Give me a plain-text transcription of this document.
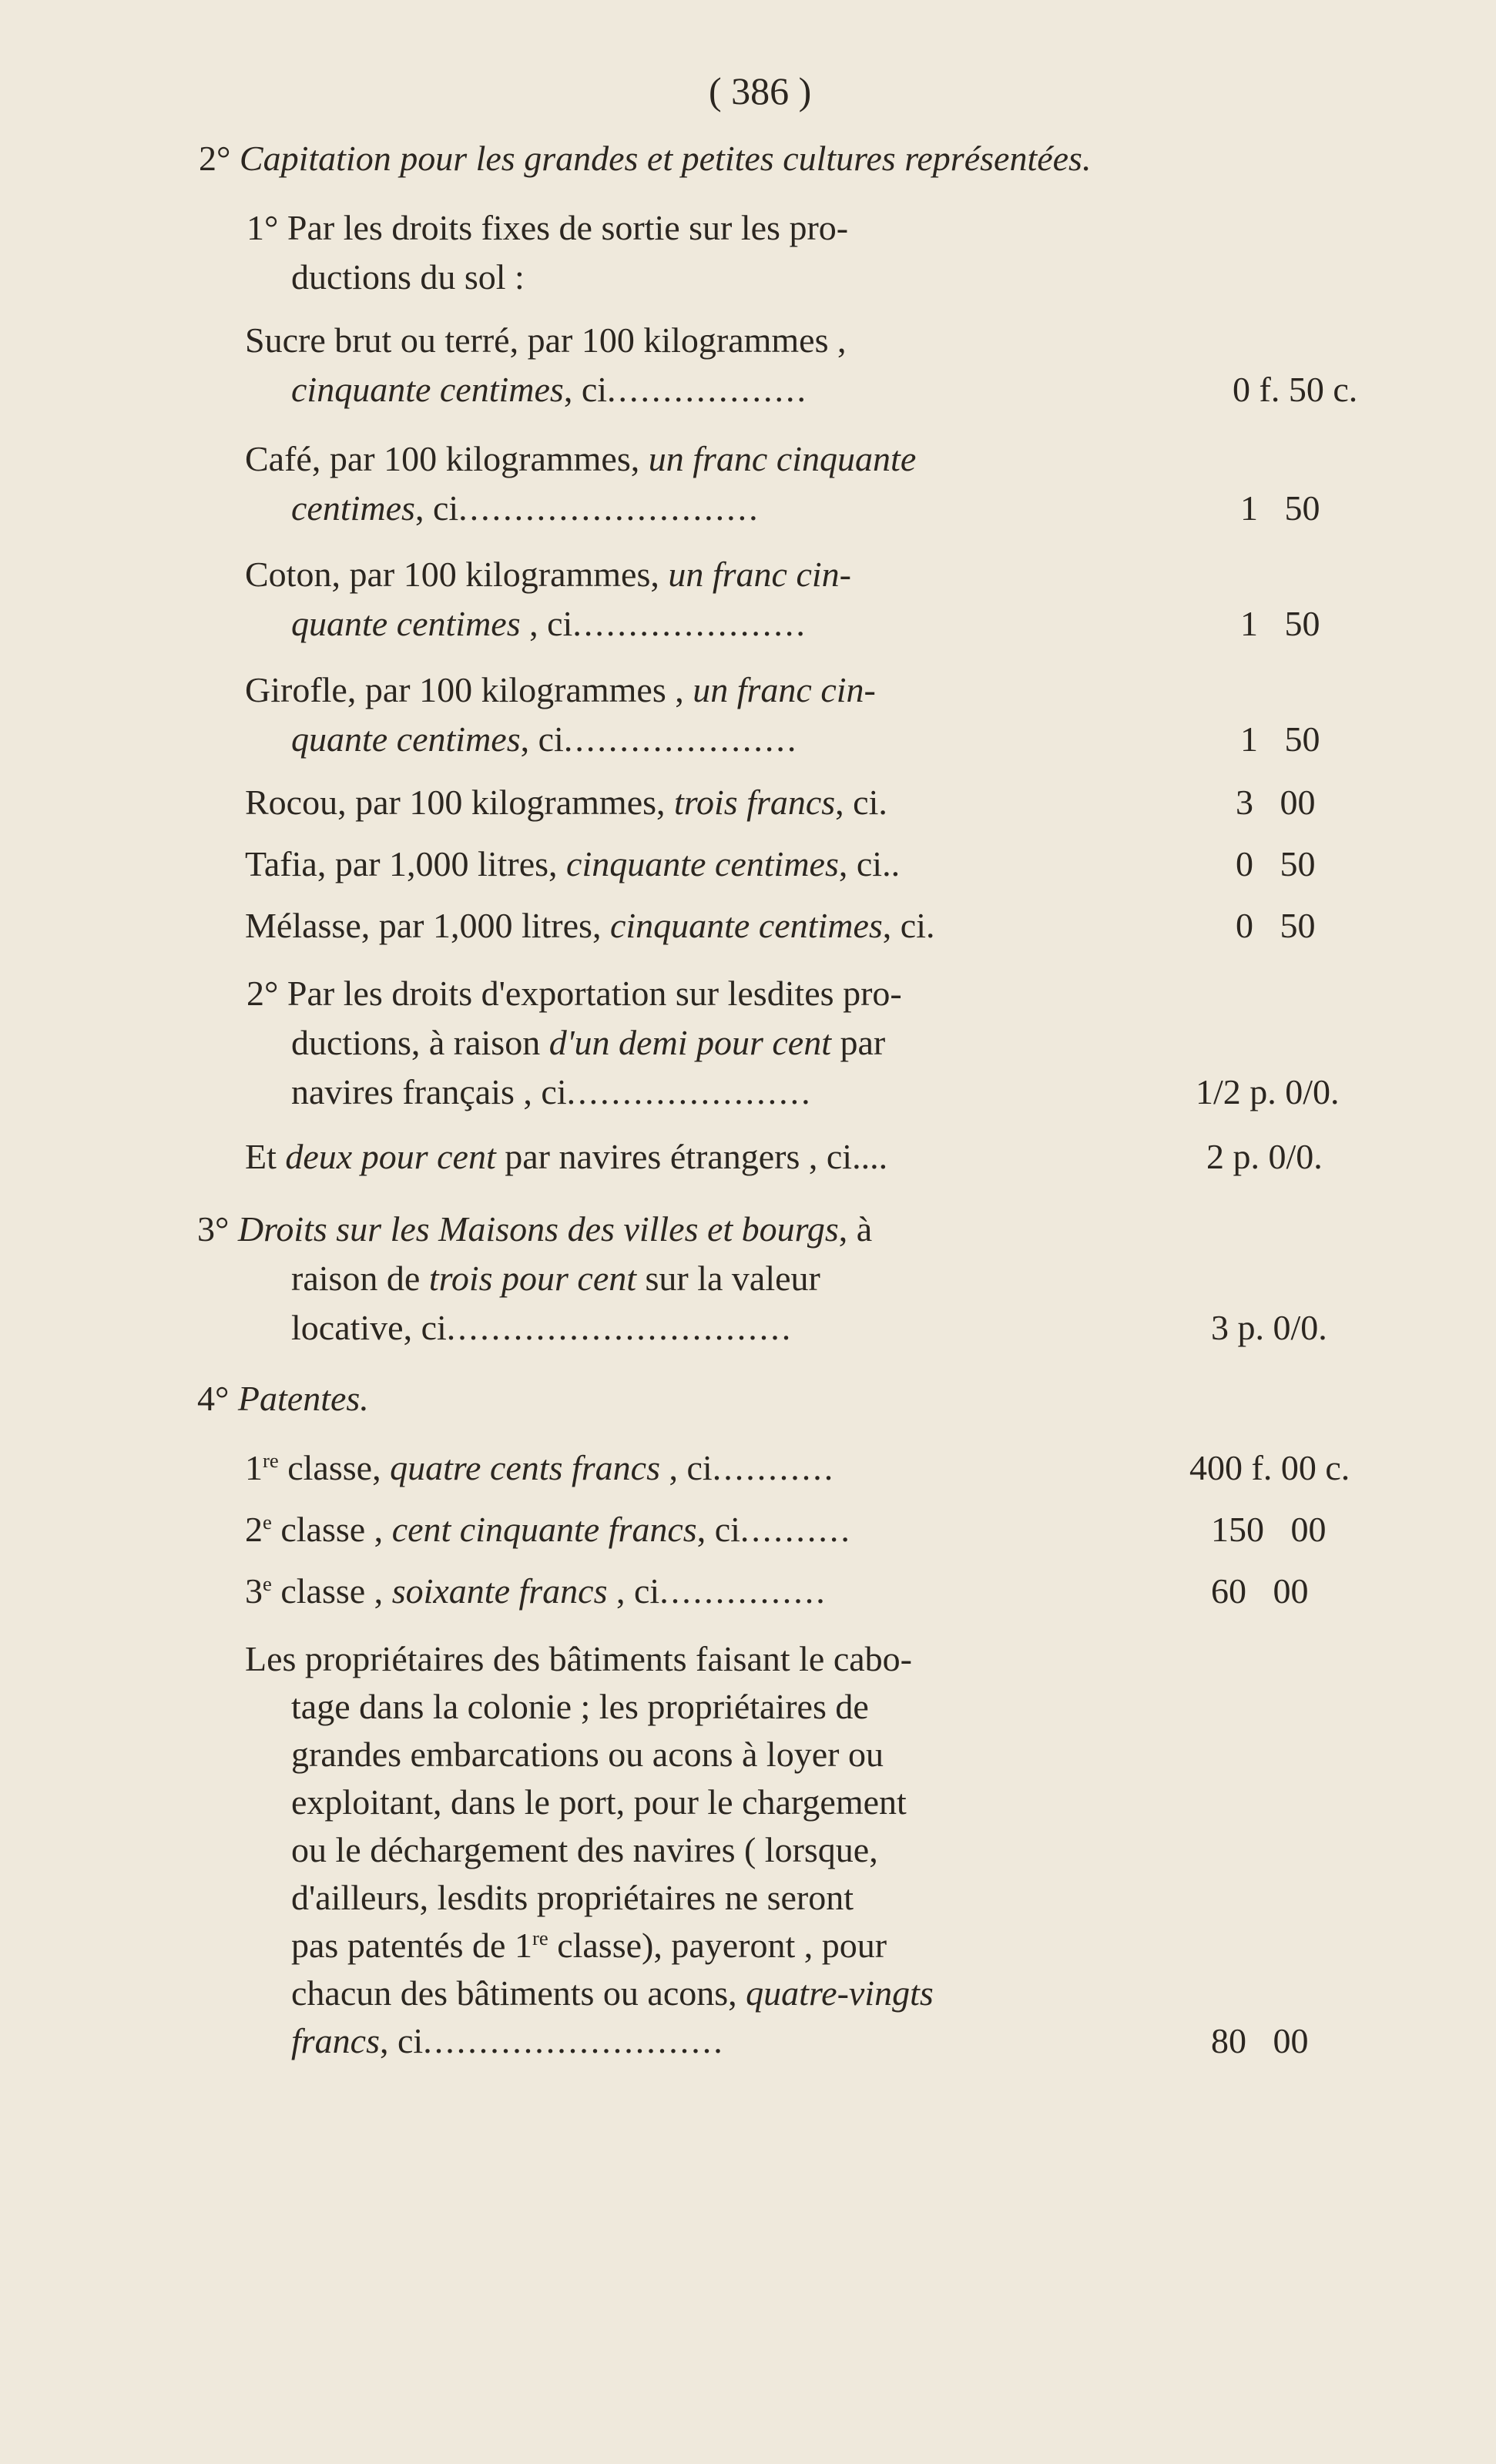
( 386 )
2° Capitation pour les grandes et petites cultures représentées.
1° Par les droits fixes de sortie sur les pro-
ductions du sol :
Sucre brut ou terré, par 100 kilogrammes ,
cinquante centimes, ci..................	0 f. 50 c.
Café, par 100 kilogrammes, un franc cinquante
centimes, ci...........................	1   50
Coton, par 100 kilogrammes, un franc cin-
quante centimes , ci.....................	1   50
Girofle, par 100 kilogrammes , un franc cin-
quante centimes, ci.....................	1   50
Rocou, par 100 kilogrammes, trois francs, ci.	3   00
Tafia, par 1,000 litres, cinquante centimes, ci..	0   50
Mélasse, par 1,000 litres, cinquante centimes, ci.	0   50
2° Par les droits d'exportation sur lesdites pro-
ductions, à raison d'un demi pour cent par
navires français , ci......................	1/2 p. 0/0.
Et deux pour cent par navires étrangers , ci....	2 p. 0/0.
3° Droits sur les Maisons des villes et bourgs, à
raison de trois pour cent sur la valeur
locative, ci...............................	3 p. 0/0.
4° Patentes.
1re classe, quatre cents francs , ci...........	400 f. 00 c.
2e classe , cent cinquante francs, ci..........	150   00
3e classe , soixante francs , ci...............	60   00
Les propriétaires des bâtiments faisant le cabo-
tage dans la colonie ; les propriétaires de
grandes embarcations ou acons à loyer ou
exploitant, dans le port, pour le chargement
ou le déchargement des navires ( lorsque,
d'ailleurs, lesdits propriétaires ne seront
pas patentés de 1re classe), payeront , pour
chacun des bâtiments ou acons, quatre-vingts
francs, ci...........................	80   00
